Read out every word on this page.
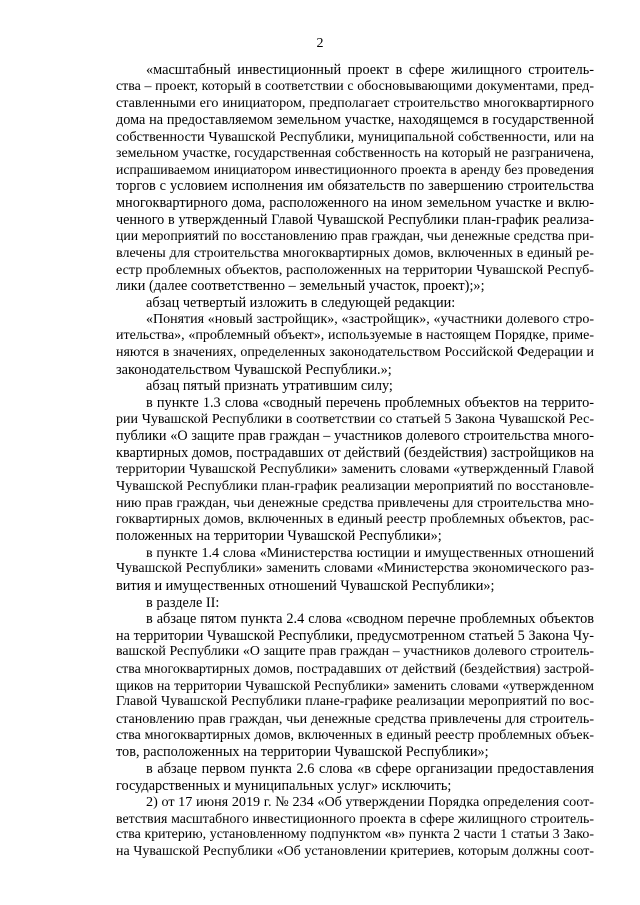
2
«масштабный инвестиционный проект в сфере жилищного строитель-
ства – проект, который в соответствии с обосновывающими документами, пред-
ставленными его инициатором, предполагает строительство многоквартирного
дома на предоставляемом земельном участке, находящемся в государственной
собственности Чувашской Республики, муниципальной собственности, или на
земельном участке, государственная собственность на который не разграничена,
испрашиваемом инициатором инвестиционного проекта в аренду без проведения
торгов с условием исполнения им обязательств по завершению строительства
многоквартирного дома, расположенного на ином земельном участке и вклю-
ченного в утвержденный Главой Чувашской Республики план-график реализа-
ции мероприятий по восстановлению прав граждан, чьи денежные средства при-
влечены для строительства многоквартирных домов, включенных в единый ре-
естр проблемных объектов, расположенных на территории Чувашской Респуб-
лики (далее соответственно – земельный участок, проект);»;
абзац четвертый изложить в следующей редакции:
«Понятия «новый застройщик», «застройщик», «участники долевого стро-
ительства», «проблемный объект», используемые в настоящем Порядке, приме-
няются в значениях, определенных законодательством Российской Федерации и
законодательством Чувашской Республики.»;
абзац пятый признать утратившим силу;
в пункте 1.3 слова «сводный перечень проблемных объектов на террито-
рии Чувашской Республики в соответствии со статьей 5 Закона Чувашской Рес-
публики «О защите прав граждан – участников долевого строительства много-
квартирных домов, пострадавших от действий (бездействия) застройщиков на
территории Чувашской Республики» заменить словами «утвержденный Главой
Чувашской Республики план-график реализации мероприятий по восстановле-
нию прав граждан, чьи денежные средства привлечены для строительства мно-
гоквартирных домов, включенных в единый реестр проблемных объектов, рас-
положенных на территории Чувашской Республики»;
в пункте 1.4 слова «Министерства юстиции и имущественных отношений
Чувашской Республики» заменить словами «Министерства экономического раз-
вития и имущественных отношений Чувашской Республики»;
в разделе II:
в абзаце пятом пункта 2.4 слова «сводном перечне проблемных объектов
на территории Чувашской Республики, предусмотренном статьей 5 Закона Чу-
вашской Республики «О защите прав граждан – участников долевого строитель-
ства многоквартирных домов, пострадавших от действий (бездействия) застрой-
щиков на территории Чувашской Республики» заменить словами «утвержденном
Главой Чувашской Республики плане-графике реализации мероприятий по вос-
становлению прав граждан, чьи денежные средства привлечены для строитель-
ства многоквартирных домов, включенных в единый реестр проблемных объек-
тов, расположенных на территории Чувашской Республики»;
в абзаце первом пункта 2.6 слова «в сфере организации предоставления
государственных и муниципальных услуг» исключить;
2) от 17 июня 2019 г. № 234 «Об утверждении Порядка определения соот-
ветствия масштабного инвестиционного проекта в сфере жилищного строитель-
ства критерию, установленному подпунктом «в» пункта 2 части 1 статьи 3 Зако-
на Чувашской Республики «Об установлении критериев, которым должны соот-
